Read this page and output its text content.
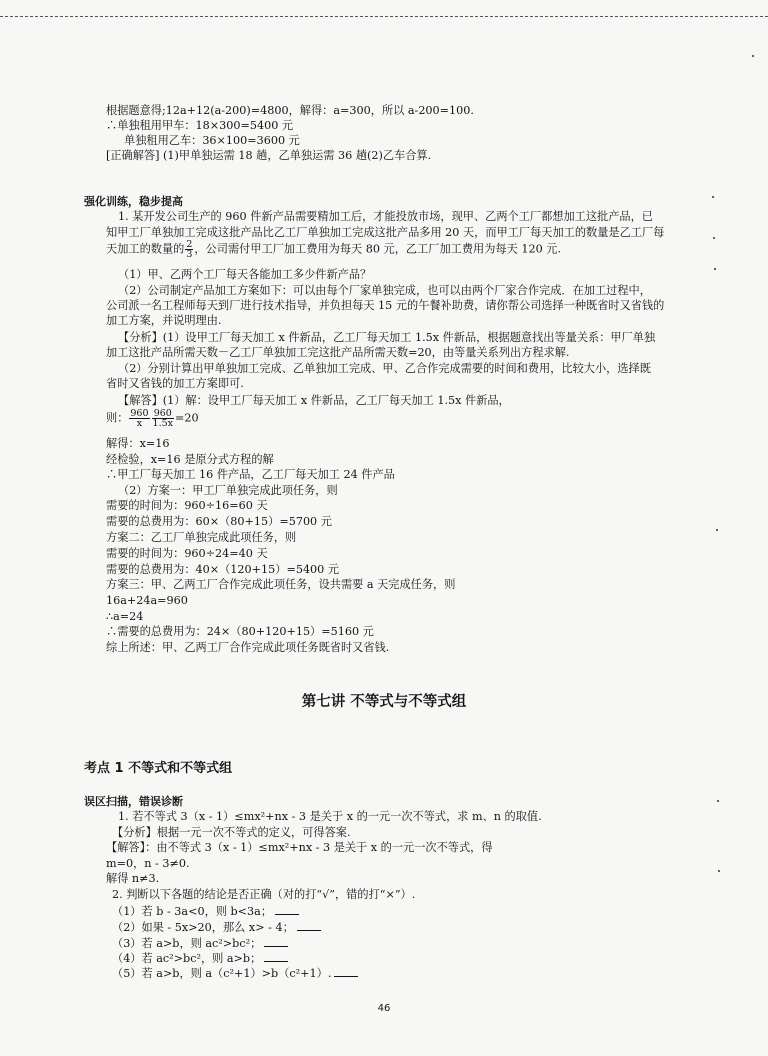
根据题意得;12a+12(a-200)=4800，解得：a=300，所以 a-200=100.
∴单独租用甲车：18×300=5400 元
单独租用乙车：36×100=3600 元
[正确解答] (1)甲单独运需 18 趟，乙单独运需 36 趟(2)乙车合算.
强化训练，稳步提高
1. 某开发公司生产的 960 件新产品需要精加工后，才能投放市场，现甲、乙两个工厂都想加工这批产品，已
知甲工厂单独加工完成这批产品比乙工厂单独加工完成这批产品多用 20 天，而甲工厂每天加工的数量是乙工厂每
天加工的数量的 $\frac{2}{3}$ ，公司需付甲工厂加工费用为每天 80 元，乙工厂加工费用为每天 120 元.
（1）甲、乙两个工厂每天各能加工多少件新产品？
（2）公司制定产品加工方案如下：可以由每个厂家单独完成，也可以由两个厂家合作完成．在加工过程中，
公司派一名工程师每天到厂进行技术指导，并负担每天 15 元的午餐补助费，请你帮公司选择一种既省时又省钱的
加工方案，并说明理由.
【分析】(1）设甲工厂每天加工 x 件新品，乙工厂每天加工 1.5x 件新品，根据题意找出等量关系：甲厂单独
加工这批产品所需天数－乙工厂单独加工完这批产品所需天数=20，由等量关系列出方程求解.
（2）分别计算出甲单独加工完成、乙单独加工完成、甲、乙合作完成需要的时间和费用，比较大小，选择既
省时又省钱的加工方案即可.
【解答】(1）解：设甲工厂每天加工 x 件新品，乙工厂每天加工 1.5x 件新品，
则： $\frac{960}{x} \frac{960}{1.5x} =20$
解得：x=16
经检验，x=16 是原分式方程的解
∴甲工厂每天加工 16 件产品，乙工厂每天加工 24 件产品
（2）方案一：甲工厂单独完成此项任务，则
需要的时间为：960÷16=60 天
需要的总费用为：60×（80+15）=5700 元
方案二：乙工厂单独完成此项任务，则
需要的时间为：960÷24=40 天
需要的总费用为：40×（120+15）=5400 元
方案三：甲、乙两工厂合作完成此项任务，设共需要 a 天完成任务，则
16a+24a=960
∴a=24
∴需要的总费用为：24×（80+120+15）=5160 元
综上所述：甲、乙两工厂合作完成此项任务既省时又省钱.
第七讲 不等式与不等式组
考点 1 不等式和不等式组
误区扫描，错误诊断
1. 若不等式 3（x - 1）≤mx²+nx - 3 是关于 x 的一元一次不等式，求 m、n 的取值.
【分析】根据一元一次不等式的定义，可得答案.
【解答】：由不等式 3（x - 1）≤mx²+nx - 3 是关于 x 的一元一次不等式，得
m=0，n - 3≠0.
解得 n≠3.
2. 判断以下各题的结论是否正确（对的打“√”，错的打“×”）.
（1）若 b - 3a<0，则 b<3a；
（2）如果 - 5x>20，那么 x> - 4；
（3）若 a>b，则 ac²>bc²；
（4）若 ac²>bc²，则 a>b；
（5）若 a>b，则 a（c²+1）>b（c²+1）.
46
